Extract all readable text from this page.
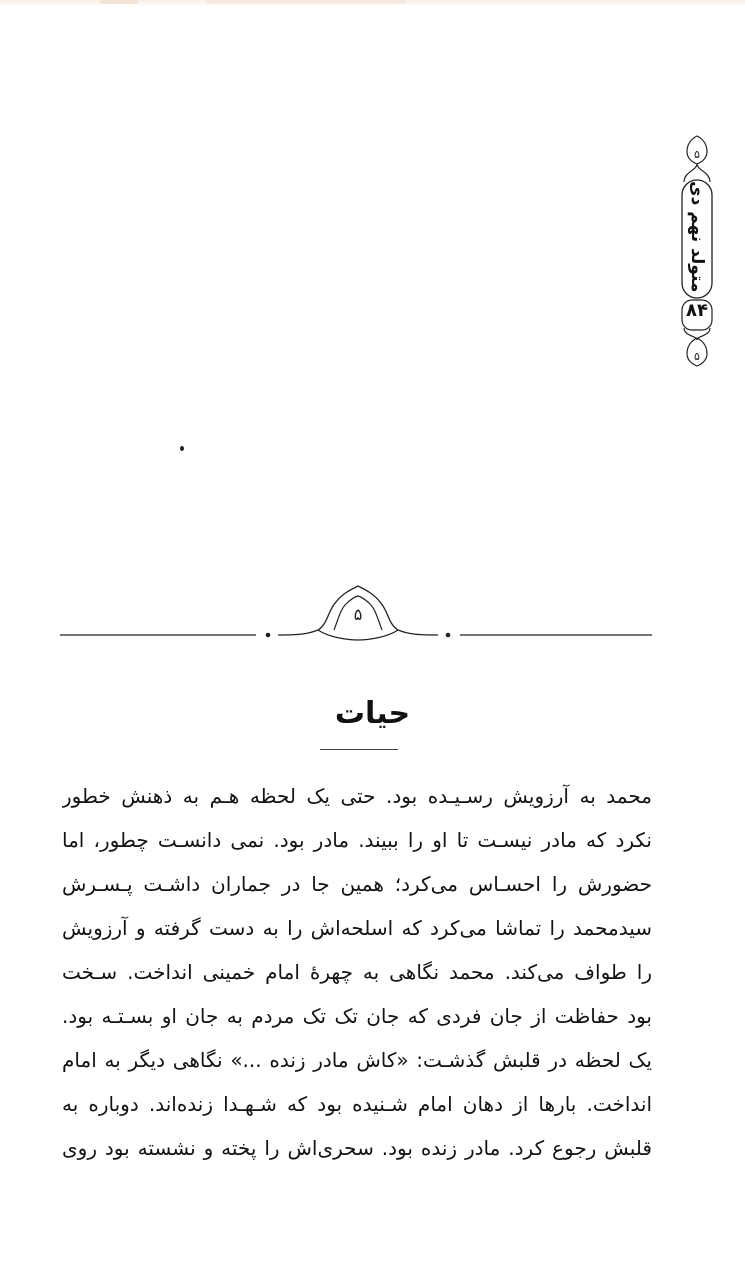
۵
۵
متولد نهم دی
۸۴
۵
حیات
محمد به آرزویش رسـیـده بود. حتی یک لحظه هـم به ذهنش خطور
نکرد که مادر نیسـت تا او را ببیند. مادر بود. نمی دانسـت چطور، اما
حضورش را احسـاس می‌کرد؛ همین جا در جماران داشـت پـسـرش
سیدمحمد را تماشا می‌کرد که اسلحه‌اش را به دست گرفته و آرزویش
را طواف می‌کند. محمد نگاهی به چهرهٔ امام خمینی انداخت. سـخت
بود حفاظت از جان فردی که جان تک تک مردم به جان او بسـتـه بود.
یک لحظه در قلبش گذشـت: «کاش مادر زنده ...» نگاهی دیگر به امام
انداخت. بارها از دهان امام شـنیده بود که شـهـدا زنده‌اند. دوباره به
قلبش رجوع کرد. مادر زنده بود. سحری‌اش را پخته و نشسته بود روی
